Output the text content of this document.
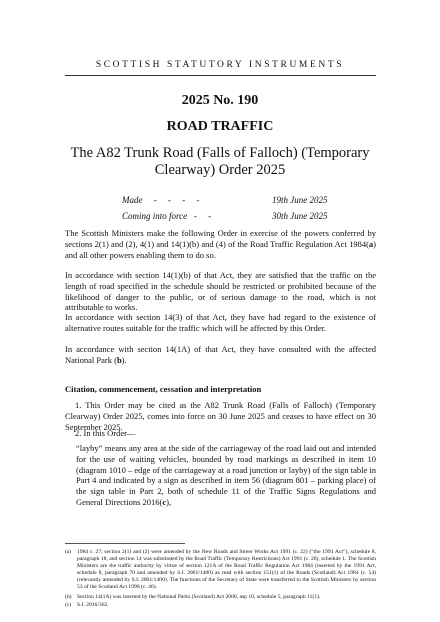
SCOTTISH STATUTORY INSTRUMENTS
2025 No. 190
ROAD TRAFFIC
The A82 Trunk Road (Falls of Falloch) (Temporary Clearway) Order 2025
Made     -     -     -     -	19th June 2025
Coming into force   -     -	30th June 2025
The Scottish Ministers make the following Order in exercise of the powers conferred by sections 2(1) and (2), 4(1) and 14(1)(b) and (4) of the Road Traffic Regulation Act 1984(a) and all other powers enabling them to do so.
In accordance with section 14(1)(b) of that Act, they are satisfied that the traffic on the length of road specified in the schedule should be restricted or prohibited because of the likelihood of danger to the public, or of serious damage to the road, which is not attributable to works.
In accordance with section 14(3) of that Act, they have had regard to the existence of alternative routes suitable for the traffic which will be affected by this Order.
In accordance with section 14(1A) of that Act, they have consulted with the affected National Park (b).
Citation, commencement, cessation and interpretation
1. This Order may be cited as the A82 Trunk Road (Falls of Falloch) (Temporary Clearway) Order 2025, comes into force on 30 June 2025 and ceases to have effect on 30 September 2025.
2. In this Order—
“layby” means any area at the side of the carriageway of the road laid out and intended for the use of waiting vehicles, bounded by road markings as described in item 10 (diagram 1010 – edge of the carriageway at a road junction or layby) of the sign table in Part 4 and indicated by a sign as described in item 56 (diagram 801 – parking place) of the sign table in Part 2, both of schedule 11 of the Traffic Signs Regulations and General Directions 2016(c),
(a) 1984 c. 27; section 2(1) and (2) were amended by the New Roads and Street Works Act 1991 (c. 22) (“the 1991 Act”), schedule 8, paragraph 18, and section 14 was substituted by the Road Traffic (Temporary Restrictions) Act 1991 (c. 26), schedule 1. The Scottish Ministers are the traffic authority by virtue of section 121A of the Road Traffic Regulation Act 1984 (inserted by the 1991 Act, schedule 8, paragraph 70 and amended by S.I. 2001/1400) as read with section 151(1) of the Roads (Scotland) Act 1984 (c. 54) (relevantly amended by S.I. 2001/1400). The functions of the Secretary of State were transferred to the Scottish Ministers by section 53 of the Scotland Act 1998 (c. 46).
(b) Section 14(1A) was inserted by the National Parks (Scotland) Act 2000, asp 10, schedule 5, paragraph 11(1).
(c) S.I. 2016/362.
